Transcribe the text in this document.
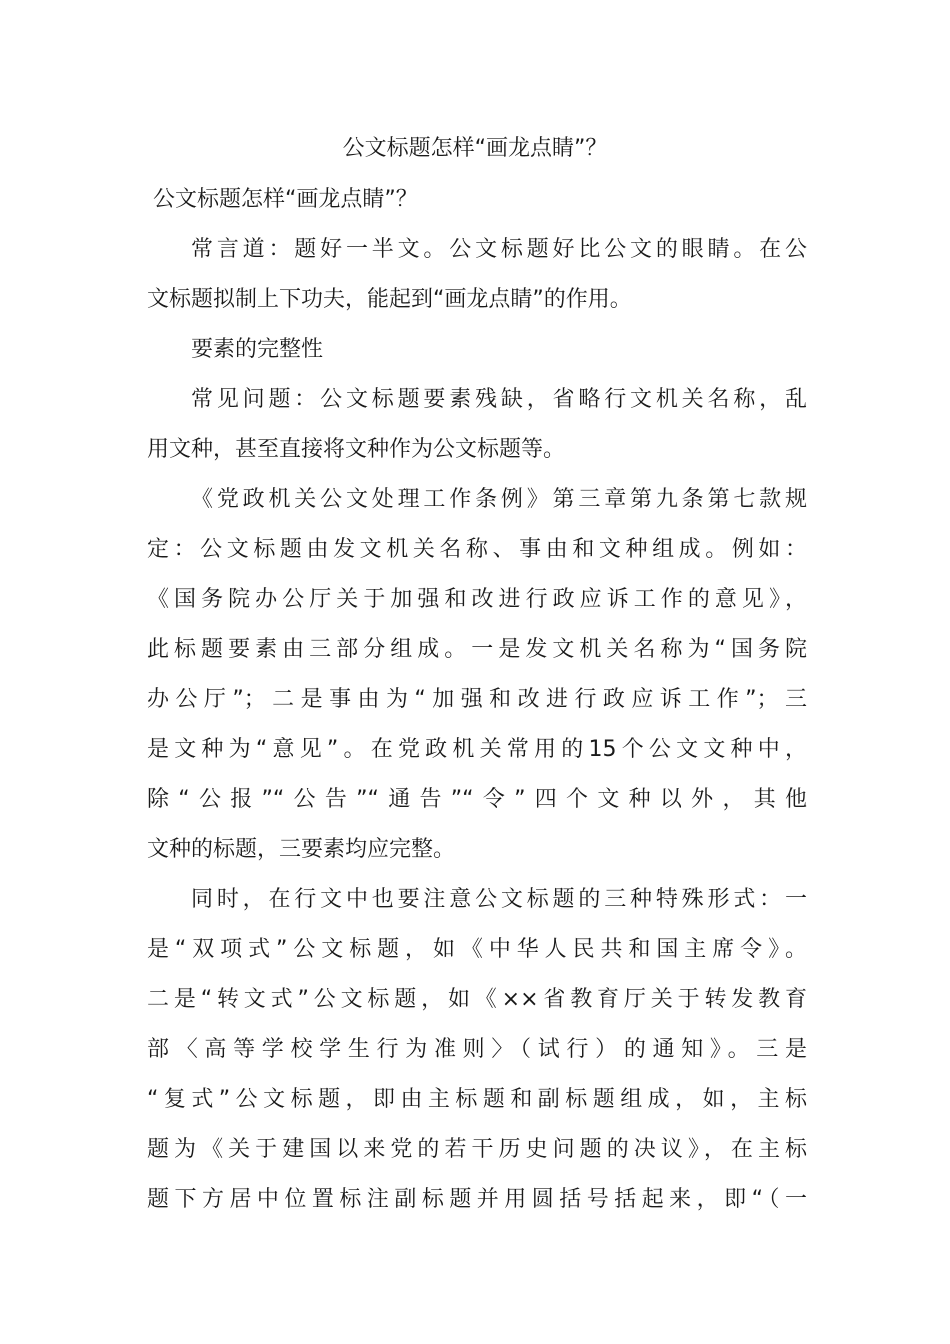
公文标题怎样“画龙点睛”？

公文标题怎样“画龙点睛”？

常言道：题好一半文。公文标题好比公文的眼睛。在公

文标题拟制上下功夫，能起到“画龙点睛”的作用。

要素的完整性

常见问题：公文标题要素残缺，省略行文机关名称，乱

用文种，甚至直接将文种作为公文标题等。

《党政机关公文处理工作条例》第三章第九条第七款规

定：公文标题由发文机关名称、事由和文种组成。例如：

《国务院办公厅关于加强和改进行政应诉工作的意见》，

此标题要素由三部分组成。一是发文机关名称为“国务院

办公厅”；二是事由为“加强和改进行政应诉工作”；三

是文种为“意见”。在党政机关常用的15个公文文种中，

除“公报”“公告”“通告”“令”四个文种以外，其他

文种的标题，三要素均应完整。

同时，在行文中也要注意公文标题的三种特殊形式：一

是“双项式”公文标题，如《中华人民共和国主席令》。

二是“转文式”公文标题，如《××省教育厅关于转发教育

部〈高等学校学生行为准则〉（试行）的通知》。三是

“复式”公文标题，即由主标题和副标题组成，如，主标

题为《关于建国以来党的若干历史问题的决议》，在主标

题下方居中位置标注副标题并用圆括号括起来，即“（一
